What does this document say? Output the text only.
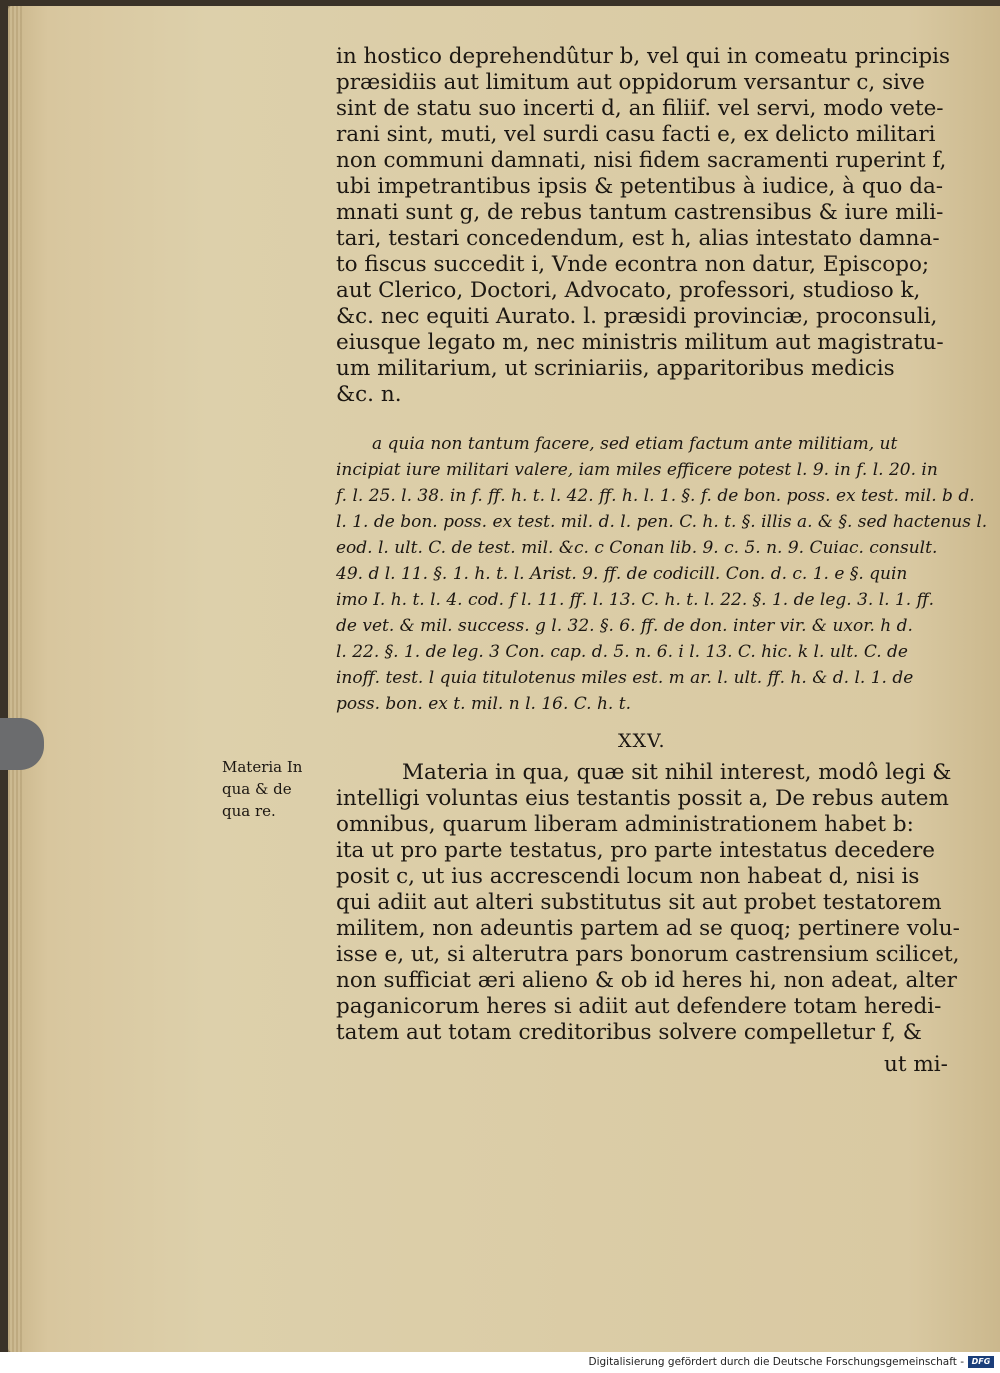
in hostico deprehendûtur b, vel qui in comeatu principis
præsidiis aut limitum aut oppidorum versantur c, sive
sint de statu suo incerti d, an filiif. vel servi, modo vete-
rani sint, muti, vel surdi casu facti e, ex delicto militari
non communi damnati, nisi fidem sacramenti ruperint f,
ubi impetrantibus ipsis & petentibus à iudice, à quo da-
mnati sunt g, de rebus tantum castrensibus & iure mili-
tari, testari concedendum, est h, alias intestato damna-
to fiscus succedit i, Vnde econtra non datur, Episcopo;
aut Clerico, Doctori, Advocato, professori, studioso k,
&c. nec equiti Aurato. l. præsidi provinciæ, proconsuli,
eiusque legato m, nec ministris militum aut magistratu-
um militarium, ut scriniariis, apparitoribus medicis
&c. n.
a quia non tantum facere, sed etiam factum ante militiam, ut
incipiat iure militari valere, iam miles efficere potest l. 9. in f. l. 20. in
f. l. 25. l. 38. in f. ff. h. t. l. 42. ff. h. l. 1. §. f. de bon. poss. ex test. mil. b d.
l. 1. de bon. poss. ex test. mil. d. l. pen. C. h. t. §. illis a. & §. sed hactenus l.
eod. l. ult. C. de test. mil. &c. c Conan lib. 9. c. 5. n. 9. Cuiac. consult.
49. d l. 11. §. 1. h. t. l. Arist. 9. ff. de codicill. Con. d. c. 1. e §. quin
imo I. h. t. l. 4. cod. f l. 11. ff. l. 13. C. h. t. l. 22. §. 1. de leg. 3. l. 1. ff.
de vet. & mil. success. g l. 32. §. 6. ff. de don. inter vir. & uxor. h d.
l. 22. §. 1. de leg. 3 Con. cap. d. 5. n. 6. i l. 13. C. hic. k l. ult. C. de
inoff. test. l quia titulotenus miles est. m ar. l. ult. ff. h. & d. l. 1. de
poss. bon. ex t. mil. n l. 16. C. h. t.
XXV.
Materia In
qua & de
qua re.
Materia in qua, quæ sit nihil interest, modô legi &
intelligi voluntas eius testantis possit a, De rebus autem
omnibus, quarum liberam administrationem habet b:
ita ut pro parte testatus, pro parte intestatus decedere
posit c, ut ius accrescendi locum non habeat d, nisi is
qui adiit aut alteri substitutus sit aut probet testatorem
militem, non adeuntis partem ad se quoq; pertinere volu-
isse e, ut, si alterutra pars bonorum castrensium scilicet,
non sufficiat æri alieno & ob id heres hi, non adeat, alter
paganicorum heres si adiit aut defendere totam heredi-
tatem aut totam creditoribus solvere compelletur f, &
ut mi-
Digitalisierung gefördert durch die Deutsche Forschungsgemeinschaft - DFG
